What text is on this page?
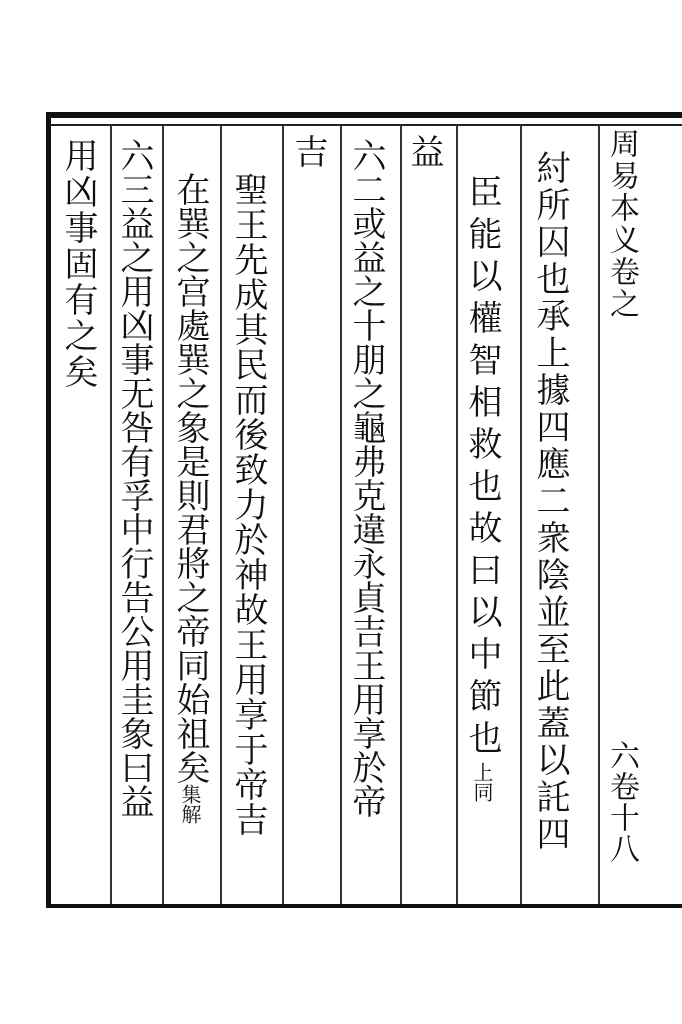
周易本义卷之
六卷十八
紂所囚也承上據四應二衆陰並至此蓋以託四
臣能以權智相救也故曰以中節也上同
益
六二或益之十朋之龜弗克違永貞吉王用享於帝
吉
聖王先成其民而後致力於神故王用享于帝吉
在巽之宫處巽之象是則君將之帝同始祖矣集解
六三益之用凶事无咎有孚中行告公用圭象曰益
用凶事固有之矣
